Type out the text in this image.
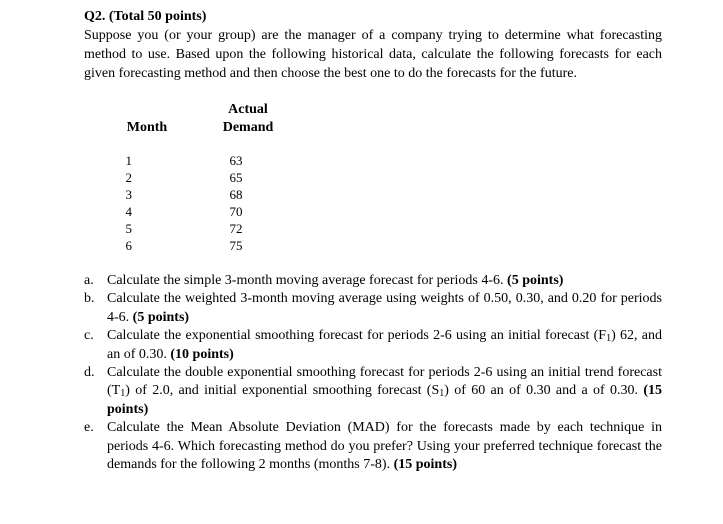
Q2. (Total 50 points)
Suppose you (or your group) are the manager of a company trying to determine what forecasting method to use. Based upon the following historical data, calculate the following forecasts for each given forecasting method and then choose the best one to do the forecasts for the future.
Month
Actual
Demand
1
2
3
4
5
6
63
65
68
70
72
75
a. Calculate the simple 3-month moving average forecast for periods 4-6. (5 points)
b. Calculate the weighted 3-month moving average using weights of 0.50, 0.30, and 0.20 for periods 4-6. (5 points)
c. Calculate the exponential smoothing forecast for periods 2-6 using an initial forecast $(F_1)$ 62, and an of 0.30. (10 points)
d. Calculate the double exponential smoothing forecast for periods 2-6 using an initial trend forecast $(T_1)$ of 2.0, and initial exponential smoothing forecast $(S_1)$ of 60 an of 0.30 and a of 0.30. (15 points)
e. Calculate the Mean Absolute Deviation (MAD) for the forecasts made by each technique in periods 4-6. Which forecasting method do you prefer? Using your preferred technique forecast the demands for the following 2 months (months 7-8). (15 points)
